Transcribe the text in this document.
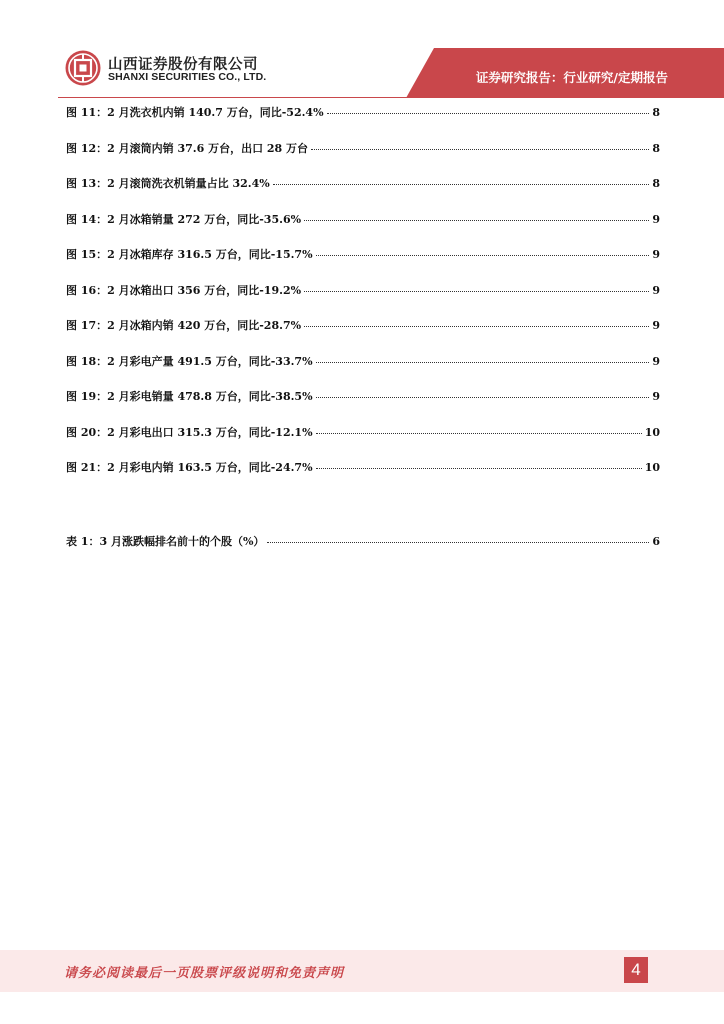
山西证券股份有限公司
SHANXI SECURITIES CO., LTD.	证券研究报告：行业研究/定期报告
图 11：2 月洗衣机内销 140.7 万台，同比-52.4%	8
图 12：2 月滚筒内销 37.6 万台，出口 28 万台	8
图 13：2 月滚筒洗衣机销量占比 32.4%	8
图 14：2 月冰箱销量 272 万台，同比-35.6%	9
图 15：2 月冰箱库存 316.5 万台，同比-15.7%	9
图 16：2 月冰箱出口 356 万台，同比-19.2%	9
图 17：2 月冰箱内销 420 万台，同比-28.7%	9
图 18：2 月彩电产量 491.5 万台，同比-33.7%	9
图 19：2 月彩电销量 478.8 万台，同比-38.5%	9
图 20：2 月彩电出口 315.3 万台，同比-12.1%	10
图 21：2 月彩电内销 163.5 万台，同比-24.7%	10
表 1：3 月涨跌幅排名前十的个股（%）	6
请务必阅读最后一页股票评级说明和免责声明	4
